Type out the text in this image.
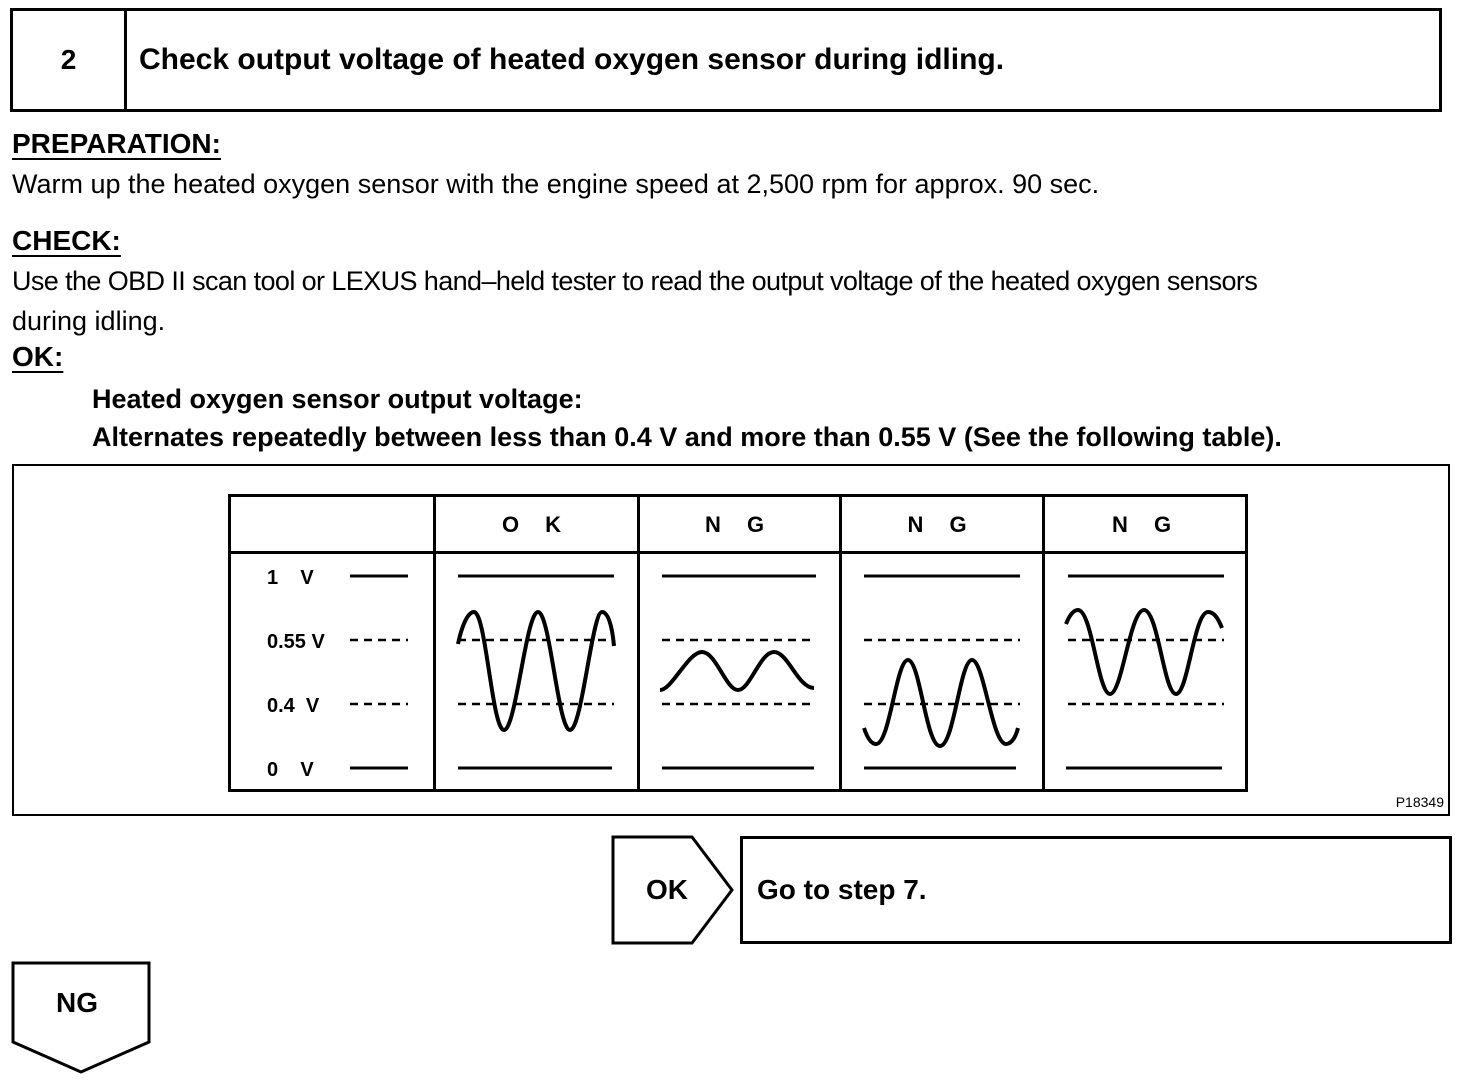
2	Check output voltage of heated oxygen sensor during idling.
PREPARATION:
Warm up the heated oxygen sensor with the engine speed at 2,500 rpm for approx. 90 sec.
CHECK:
Use the OBD II scan tool or LEXUS hand–held tester to read the output voltage of the heated oxygen sensors
during idling.
OK:
Heated oxygen sensor output voltage:
Alternates repeatedly between less than 0.4 V and more than 0.55 V (See the following table).
O K	N G	N G	N G
1    V
0.55 V
0.4  V
0    V
P18349
OK Go to step 7.
NG
